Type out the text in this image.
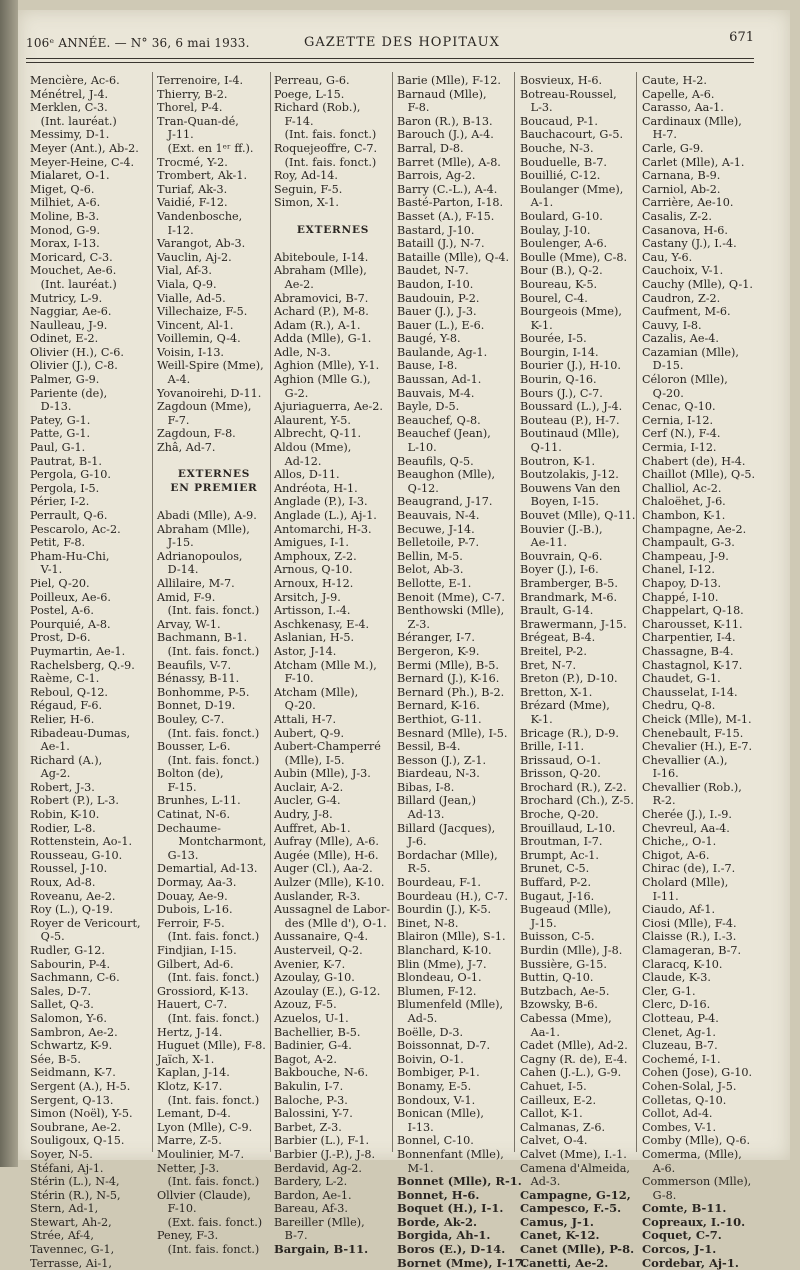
106ᵉ ANNÉE. — N° 36, 6 mai 1933.	GAZETTE DES HOPITAUX	671
Mencière, Ac-6.
Ménétrel, J-4.
Merklen, C-3.
(Int. lauréat.)
Messimy, D-1.
Meyer (Ant.), Ab-2.
Meyer-Heine, C-4.
Mialaret, O-1.
Miget, Q-6.
Milhiet, A-6.
Moline, B-3.
Monod, G-9.
Morax, I-13.
Moricard, C-3.
Mouchet, Ae-6.
(Int. lauréat.)
Mutricy, L-9.
Naggiar, Ae-6.
Naulleau, J-9.
Odinet, E-2.
Olivier (H.), C-6.
Olivier (J.), C-8.
Palmer, G-9.
Pariente (de),
D-13.
Patey, G-1.
Patte, G-1.
Paul, G-1.
Pautrat, B-1.
Pergola, G-10.
Pergola, I-5.
Périer, I-2.
Perrault, Q-6.
Pescarolo, Ac-2.
Petit, F-8.
Pham-Hu-Chi,
V-1.
Piel, Q-20.
Poilleux, Ae-6.
Postel, A-6.
Pourquié, A-8.
Prost, D-6.
Puymartin, Ae-1.
Rachelsberg, Q.-9.
Raème, C-1.
Reboul, Q-12.
Régaud, F-6.
Relier, H-6.
Ribadeau-Dumas,
Ae-1.
Richard (A.),
Ag-2.
Robert, J-3.
Robert (P.), L-3.
Robin, K-10.
Rodier, L-8.
Rottenstein, Ao-1.
Rousseau, G-10.
Roussel, J-10.
Roux, Ad-8.
Roveanu, Ae-2.
Roy (L.), Q-19.
Royer de Vericourt,
Q-5.
Rudler, G-12.
Sabourin, P-4.
Sachmann, C-6.
Sales, D-7.
Sallet, Q-3.
Salomon, Y-6.
Sambron, Ae-2.
Schwartz, K-9.
Sée, B-5.
Seidmann, K-7.
Sergent (A.), H-5.
Sergent, Q-13.
Simon (Noël), Y-5.
Soubrane, Ae-2.
Souligoux, Q-15.
Soyer, N-5.
Stéfani, Aj-1.
Stérin (L.), N-4,
Stérin (R.), N-5,
Stern, Ad-1,
Stewart, Ah-2,
Strée, Af-4,
Tavennec, G-1,
Terrasse, Ai-1,
Terrenoire, I-4.
Thierry, B-2.
Thorel, P-4.
Tran-Quan-dé,
J-11.
(Ext. en 1ᵉʳ ff.).
Trocmé, Y-2.
Trombert, Ak-1.
Turiaf, Ak-3.
Vaidié, F-12.
Vandenbosche,
I-12.
Varangot, Ab-3.
Vauclin, Aj-2.
Vial, Af-3.
Viala, Q-9.
Vialle, Ad-5.
Villechaize, F-5.
Vincent, Al-1.
Voillemin, Q-4.
Voisin, I-13.
Weill-Spire (Mme),
A-4.
Yovanoirehi, D-11.
Zagdoun (Mme),
F-7.
Zagdoun, F-8.
Zhâ, Ad-7.

EXTERNES
EN PREMIER

Abadi (Mlle), A-9.
Abraham (Mlle),
J-15.
Adrianopoulos,
D-14.
Allilaire, M-7.
Amid, F-9.
(Int. fais. fonct.)
Arvay, W-1.
Bachmann, B-1.
(Int. fais. fonct.)
Beaufils, V-7.
Bénassy, B-11.
Bonhomme, P-5.
Bonnet, D-19.
Bouley, C-7.
(Int. fais. fonct.)
Bousser, L-6.
(Int. fais. fonct.)
Bolton (de),
F-15.
Brunhes, L-11.
Catinat, N-6.
Dechaume-
Montcharmont,
G-13.
Demartial, Ad-13.
Dormay, Aa-3.
Douay, Ae-9.
Dubois, L-16.
Ferroir, F-5.
(Int. fais. fonct.)
Findjian, I-15.
Gilbert, Ad-6.
(Int. fais. fonct.)
Grossiord, K-13.
Hauert, C-7.
(Int. fais. fonct.)
Hertz, J-14.
Huguet (Mlle), F-8.
Jaïch, X-1.
Kaplan, J-14.
Klotz, K-17.
(Int. fais. fonct.)
Lemant, D-4.
Lyon (Mlle), C-9.
Marre, Z-5.
Moulinier, M-7.
Netter, J-3.
(Int. fais. fonct.)
Ollvier (Claude),
F-10.
(Ext. fais. fonct.)
Peney, F-3.
(Int. fais. fonct.)
Perreau, G-6.
Poege, L-15.
Richard (Rob.),
F-14.
(Int. fais. fonct.)
Roquejeoffre, C-7.
(Int. fais. fonct.)
Roy, Ad-14.
Seguin, F-5.
Simon, X-1.

EXTERNES

Abiteboule, I-14.
Abraham (Mlle),
Ae-2.
Abramovici, B-7.
Achard (P.), M-8.
Adam (R.), A-1.
Adda (Mlle), G-1.
Adle, N-3.
Aghion (Mlle), Y-1.
Aghion (Mlle G.),
G-2.
Ajuriaguerra, Ae-2.
Alaurent, Y-5.
Albrecht, Q-11.
Aldou (Mme),
Ad-12.
Allos, D-11.
Andréota, H-1.
Anglade (P.), I-3.
Anglade (L.), Aj-1.
Antomarchi, H-3.
Amigues, I-1.
Amphoux, Z-2.
Arnous, Q-10.
Arnoux, H-12.
Arsitch, J-9.
Artisson, I.-4.
Aschkenasy, E-4.
Aslanian, H-5.
Astor, J-14.
Atcham (Mlle M.),
F-10.
Atcham (Mlle),
Q-20.
Attali, H-7.
Aubert, Q-9.
Aubert-Champerré
(Mlle), I-5.
Aubin (Mlle), J-3.
Auclair, A-2.
Aucler, G-4.
Audry, J-8.
Auffret, Ab-1.
Aufray (Mlle), A-6.
Augée (Mlle), H-6.
Auger (Cl.), Aa-2.
Aulzer (Mlle), K-10.
Auslander, R-3.
Aussagnel de Labor-
des (Mlle d'), O-1.
Aussanaire, Q-4.
Austerveil, Q-2.
Avenier, K-7.
Azoulay, G-10.
Azoulay (E.), G-12.
Azouz, F-5.
Azuelos, U-1.
Bachellier, B-5.
Badinier, G-4.
Bagot, A-2.
Bakbouche, N-6.
Bakulin, I-7.
Baloche, P-3.
Balossini, Y-7.
Barbet, Z-3.
Barbier (L.), F-1.
Barbier (J.-P.), J-8.
Berdavid, Ag-2.
Bardery, L-2.
Bardon, Ae-1.
Bareau, Af-3.
Bareiller (Mlle),
B-7.
Bargain, B-11.
Barie (Mlle), F-12.
Barnaud (Mlle),
F-8.
Baron (R.), B-13.
Barouch (J.), A-4.
Barral, D-8.
Barret (Mlle), A-8.
Barrois, Ag-2.
Barry (C.-L.), A-4.
Basté-Parton, I-18.
Basset (A.), F-15.
Bastard, J-10.
Bataill (J.), N-7.
Bataille (Mlle), Q-4.
Baudet, N-7.
Baudon, I-10.
Baudouin, P-2.
Bauer (J.), J-3.
Bauer (L.), E-6.
Baugé, Y-8.
Baulande, Ag-1.
Bause, I-8.
Baussan, Ad-1.
Bauvais, M-4.
Bayle, D-5.
Beauchef, Q-8.
Beauchef (Jean),
L-10.
Beaufils, Q-5.
Beaughon (Mlle),
Q-12.
Beaugrand, J-17.
Beauvais, N-4.
Becuwe, J-14.
Belletoile, P-7.
Bellin, M-5.
Belot, Ab-3.
Bellotte, E-1.
Benoit (Mme), C-7.
Benthowski (Mlle),
Z-3.
Béranger, I-7.
Bergeron, K-9.
Bermi (Mlle), B-5.
Bernard (J.), K-16.
Bernard (Ph.), B-2.
Bernard, K-16.
Berthiot, G-11.
Besnard (Mlle), I-5.
Bessil, B-4.
Besson (J.), Z-1.
Biardeau, N-3.
Bibas, I-8.
Billard (Jean,)
Ad-13.
Billard (Jacques),
J-6.
Bordachar (Mlle),
R-5.
Bourdeau, F-1.
Bourdeau (H.), C-7.
Bourdin (J.), K-5.
Binet, N-8.
Blairon (Mlle), S-1.
Blanchard, K-10.
Blin (Mme), J-7.
Blondeau, O-1.
Blumen, F-12.
Blumenfeld (Mlle),
Ad-5.
Boëlle, D-3.
Boissonnat, D-7.
Boivin, O-1.
Bombiger, P-1.
Bonamy, E-5.
Bondoux, V-1.
Bonican (Mlle),
I-13.
Bonnel, C-10.
Bonnenfant (Mlle),
M-1.
Bonnet (Mlle), R-1.
Bonnet, H-6.
Boquet (H.), I-1.
Borde, Ak-2.
Borgida, Ah-1.
Boros (E.), D-14.
Bornet (Mme), I-17.
Bosvieux, H-6.
Botreau-Roussel,
L-3.
Boucaud, P-1.
Bauchacourt, G-5.
Bouche, N-3.
Bouduelle, B-7.
Bouillié, C-12.
Boulanger (Mme),
A-1.
Boulard, G-10.
Boulay, J-10.
Boulenger, A-6.
Boulle (Mme), C-8.
Bour (B.), Q-2.
Boureau, K-5.
Bourel, C-4.
Bourgeois (Mme),
K-1.
Bourée, I-5.
Bourgin, I-14.
Bourier (J.), H-10.
Bourin, Q-16.
Bours (J.), C-7.
Boussard (L.), J-4.
Bouteau (P.), H-7.
Boutinaud (Mlle),
Q-11.
Boutron, K-1.
Boutzolakis, J-12.
Bouwens Van den
Boyen, I-15.
Bouvet (Mlle), Q-11.
Bouvier (J.-B.),
Ae-11.
Bouvrain, Q-6.
Boyer (J.), I-6.
Bramberger, B-5.
Brandmark, M-6.
Brault, G-14.
Brawermann, J-15.
Brégeat, B-4.
Breitel, P-2.
Bret, N-7.
Breton (P.), D-10.
Bretton, X-1.
Brézard (Mme),
K-1.
Bricage (R.), D-9.
Brille, I-11.
Brissaud, O-1.
Brisson, Q-20.
Brochard (R.), Z-2.
Brochard (Ch.), Z-5.
Broche, Q-20.
Brouillaud, L-10.
Broutman, I-7.
Brumpt, Ac-1.
Brunet, C-5.
Buffard, P-2.
Bugaut, J-16.
Bugeaud (Mlle),
J-15.
Buisson, C-5.
Burdin (Mlle), J-8.
Bussière, G-15.
Buttin, Q-10.
Butzbach, Ae-5.
Bzowsky, B-6.
Cabessa (Mme),
Aa-1.
Cadet (Mlle), Ad-2.
Cagny (R. de), E-4.
Cahen (J.-L.), G-9.
Cahuet, I-5.
Cailleux, E-2.
Callot, K-1.
Calmanas, Z-6.
Calvet, O-4.
Calvet (Mme), I.-1.
Camena d'Almeida,
Ad-3.
Campagne, G-12,
Campesco, F.-5.
Camus, J-1.
Canet, K-12.
Canet (Mlle), P-8.
Canetti, Ae-2.
Caute, H-2.
Capelle, A-6.
Carasso, Aa-1.
Cardinaux (Mlle),
H-7.
Carle, G-9.
Carlet (Mlle), A-1.
Carnana, B-9.
Carniol, Ab-2.
Carrière, Ae-10.
Casalis, Z-2.
Casanova, H-6.
Castany (J.), I.-4.
Cau, Y-6.
Cauchoix, V-1.
Cauchy (Mlle), Q-1.
Caudron, Z-2.
Caufment, M-6.
Cauvy, I-8.
Cazalis, Ae-4.
Cazamian (Mlle),
D-15.
Céloron (Mlle),
Q-20.
Cenac, Q-10.
Cernia, I-12.
Cerf (N.), F-4.
Cermia, I-12.
Chabert (de), H-4.
Chaillot (Mlle), Q-5.
Challiol, Ac-2.
Chaloëhet, J-6.
Chambon, K-1.
Champagne, Ae-2.
Champault, G-3.
Champeau, J-9.
Chanel, I-12.
Chapoy, D-13.
Chappé, I-10.
Chappelart, Q-18.
Charousset, K-11.
Charpentier, I-4.
Chassagne, B-4.
Chastagnol, K-17.
Chaudet, G-1.
Chausselat, I-14.
Chedru, Q-8.
Cheick (Mlle), M-1.
Chenebault, F-15.
Chevalier (H.), E-7.
Chevallier (A.),
I-16.
Chevallier (Rob.),
R-2.
Cherée (J.), I.-9.
Chevreul, Aa-4.
Chiche,, O-1.
Chigot, A-6.
Chirac (de), I.-7.
Cholard (Mlle),
I-11.
Ciaudo, Af-1.
Ciosi (Mlle), F-4.
Claisse (R.), I.-3.
Clamageran, B-7.
Claracq, K-10.
Claude, K-3.
Cler, G-1.
Clerc, D-16.
Clotteau, P-4.
Clenet, Ag-1.
Cluzeau, B-7.
Cochemé, I-1.
Cohen (Jose), G-10.
Cohen-Solal, J-5.
Colletas, Q-10.
Collot, Ad-4.
Combes, V-1.
Comby (Mlle), Q-6.
Comerma, (Mlle),
A-6.
Commerson (Mlle),
G-8.
Comte, B-11.
Copreaux, I.-10.
Coquet, C-7.
Corcos, J-1.
Cordebar, Aj-1.
